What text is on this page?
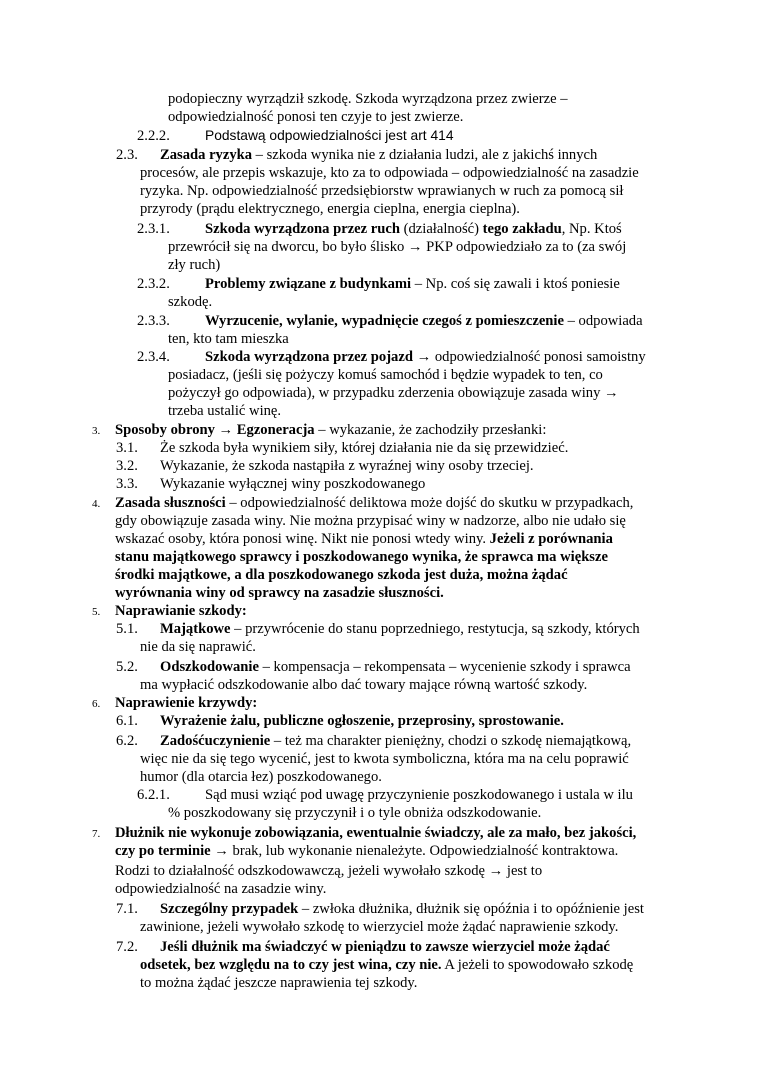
podopieczny wyrządził szkodę. Szkoda wyrządzona przez zwierze –
odpowiedzialność ponosi ten czyje to jest zwierze.
2.2.2.	Podstawą odpowiedzialności jest art 414
2.3. Zasada ryzyka – szkoda wynika nie z działania ludzi, ale z jakichś innych
procesów, ale przepis wskazuje, kto za to odpowiada – odpowiedzialność na zasadzie
ryzyka. Np. odpowiedzialność przedsiębiorstw wprawianych w ruch za pomocą sił
przyrody (prądu elektrycznego, energia cieplna, energia cieplna).
2.3.1. Szkoda wyrządzona przez ruch (działalność) tego zakładu, Np. Ktoś
przewrócił się na dworcu, bo było ślisko → PKP odpowiedziało za to (za swój
zły ruch)
2.3.2. Problemy związane z budynkami – Np. coś się zawali i ktoś poniesie
szkodę.
2.3.3. Wyrzucenie, wylanie, wypadnięcie czegoś z pomieszczenie – odpowiada
ten, kto tam mieszka
2.3.4. Szkoda wyrządzona przez pojazd → odpowiedzialność ponosi samoistny
posiadacz, (jeśli się pożyczy komuś samochód i będzie wypadek to ten, co
pożyczył go odpowiada), w przypadku zderzenia obowiązuje zasada winy →
trzeba ustalić winę.
3. Sposoby obrony → Egzoneracja – wykazanie, że zachodziły przesłanki:
3.1. Że szkoda była wynikiem siły, której działania nie da się przewidzieć.
3.2. Wykazanie, że szkoda nastąpiła z wyraźnej winy osoby trzeciej.
3.3. Wykazanie wyłącznej winy poszkodowanego
4. Zasada słuszności – odpowiedzialność deliktowa może dojść do skutku w przypadkach,
gdy obowiązuje zasada winy. Nie można przypisać winy w nadzorze, albo nie udało się
wskazać osoby, która ponosi winę. Nikt nie ponosi wtedy winy. Jeżeli z porównania
stanu majątkowego sprawcy i poszkodowanego wynika, że sprawca ma większe
środki majątkowe, a dla poszkodowanego szkoda jest duża, można żądać
wyrównania winy od sprawcy na zasadzie słuszności.
5. Naprawianie szkody:
5.1. Majątkowe – przywrócenie do stanu poprzedniego, restytucja, są szkody, których
nie da się naprawić.
5.2. Odszkodowanie – kompensacja – rekompensata – wycenienie szkody i sprawca
ma wypłacić odszkodowanie albo dać towary mające równą wartość szkody.
6. Naprawienie krzywdy:
6.1. Wyrażenie żalu, publiczne ogłoszenie, przeprosiny, sprostowanie.
6.2. Zadośćuczynienie – też ma charakter pieniężny, chodzi o szkodę niemajątkową,
więc nie da się tego wycenić, jest to kwota symboliczna, która ma na celu poprawić
humor (dla otarcia łez) poszkodowanego.
6.2.1. Sąd musi wziąć pod uwagę przyczynienie poszkodowanego i ustala w ilu
% poszkodowany się przyczynił i o tyle obniża odszkodowanie.
7. Dłużnik nie wykonuje zobowiązania, ewentualnie świadczy, ale za mało, bez jakości,
czy po terminie → brak, lub wykonanie nienależyte. Odpowiedzialność kontraktowa.
Rodzi to działalność odszkodowawczą, jeżeli wywołało szkodę → jest to
odpowiedzialność na zasadzie winy.
7.1. Szczególny przypadek – zwłoka dłużnika, dłużnik się opóźnia i to opóźnienie jest
zawinione, jeżeli wywołało szkodę to wierzyciel może żądać naprawienie szkody.
7.2. Jeśli dłużnik ma świadczyć w pieniądzu to zawsze wierzyciel może żądać
odsetek, bez względu na to czy jest wina, czy nie. A jeżeli to spowodowało szkodę
to można żądać jeszcze naprawienia tej szkody.
